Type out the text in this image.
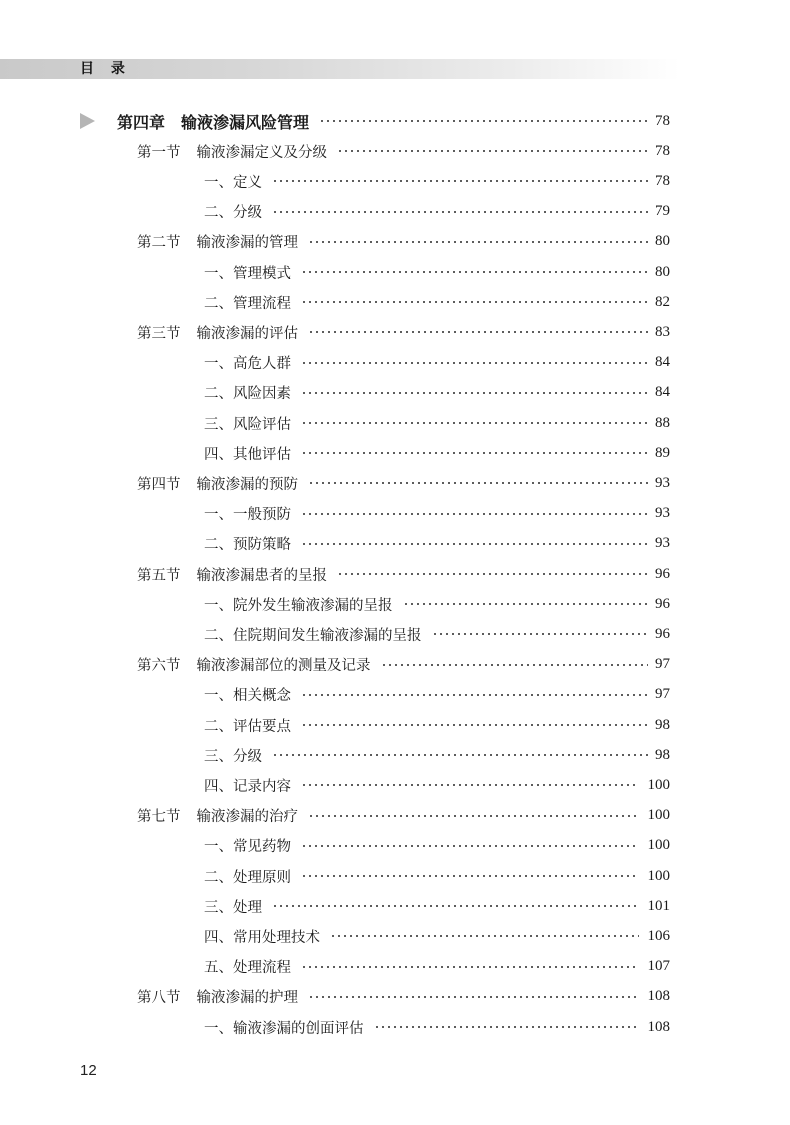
目 录
第四章 输液渗漏风险管理	78
第一节 输液渗漏定义及分级	78
一、定义	78
二、分级	79
第二节 输液渗漏的管理	80
一、管理模式	80
二、管理流程	82
第三节 输液渗漏的评估	83
一、高危人群	84
二、风险因素	84
三、风险评估	88
四、其他评估	89
第四节 输液渗漏的预防	93
一、一般预防	93
二、预防策略	93
第五节 输液渗漏患者的呈报	96
一、院外发生输液渗漏的呈报	96
二、住院期间发生输液渗漏的呈报	96
第六节 输液渗漏部位的测量及记录	97
一、相关概念	97
二、评估要点	98
三、分级	98
四、记录内容	100
第七节 输液渗漏的治疗	100
一、常见药物	100
二、处理原则	100
三、处理	101
四、常用处理技术	106
五、处理流程	107
第八节 输液渗漏的护理	108
一、输液渗漏的创面评估	108
12
